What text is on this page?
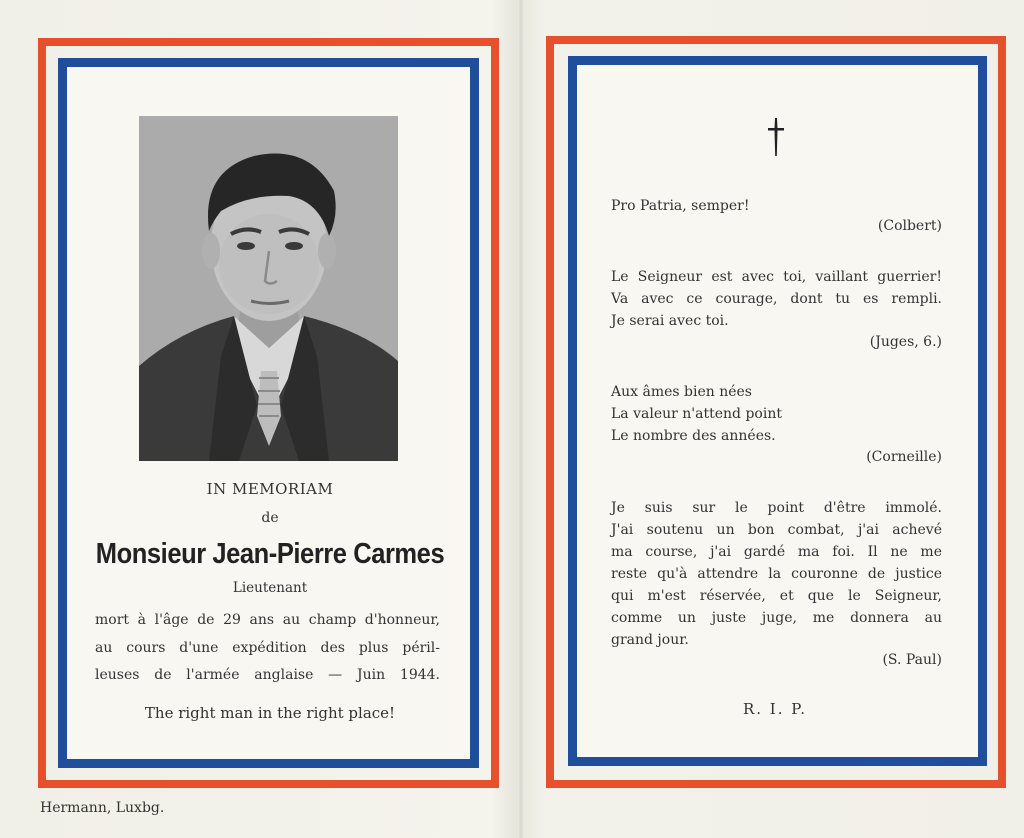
IN MEMORIAM
de
Monsieur Jean-Pierre Carmes
Lieutenant
mort à l'âge de 29 ans au champ d'honneur,
au cours d'une expédition des plus péril-
leuses de l'armée anglaise — Juin 1944.
The right man in the right place!
Pro Patria, semper!
(Colbert)
Le Seigneur est avec toi, vaillant guerrier!
Va avec ce courage, dont tu es rempli.
Je serai avec toi.
(Juges, 6.)
Aux âmes bien nées
La valeur n'attend point
Le nombre des années.
(Corneille)
Je suis sur le point d'être immolé.
J'ai soutenu un bon combat, j'ai achevé
ma course, j'ai gardé ma foi. Il ne me
reste qu'à attendre la couronne de justice
qui m'est réservée, et que le Seigneur,
comme un juste juge, me donnera au
grand jour.
(S. Paul)
R. I. P.
Hermann, Luxbg.
